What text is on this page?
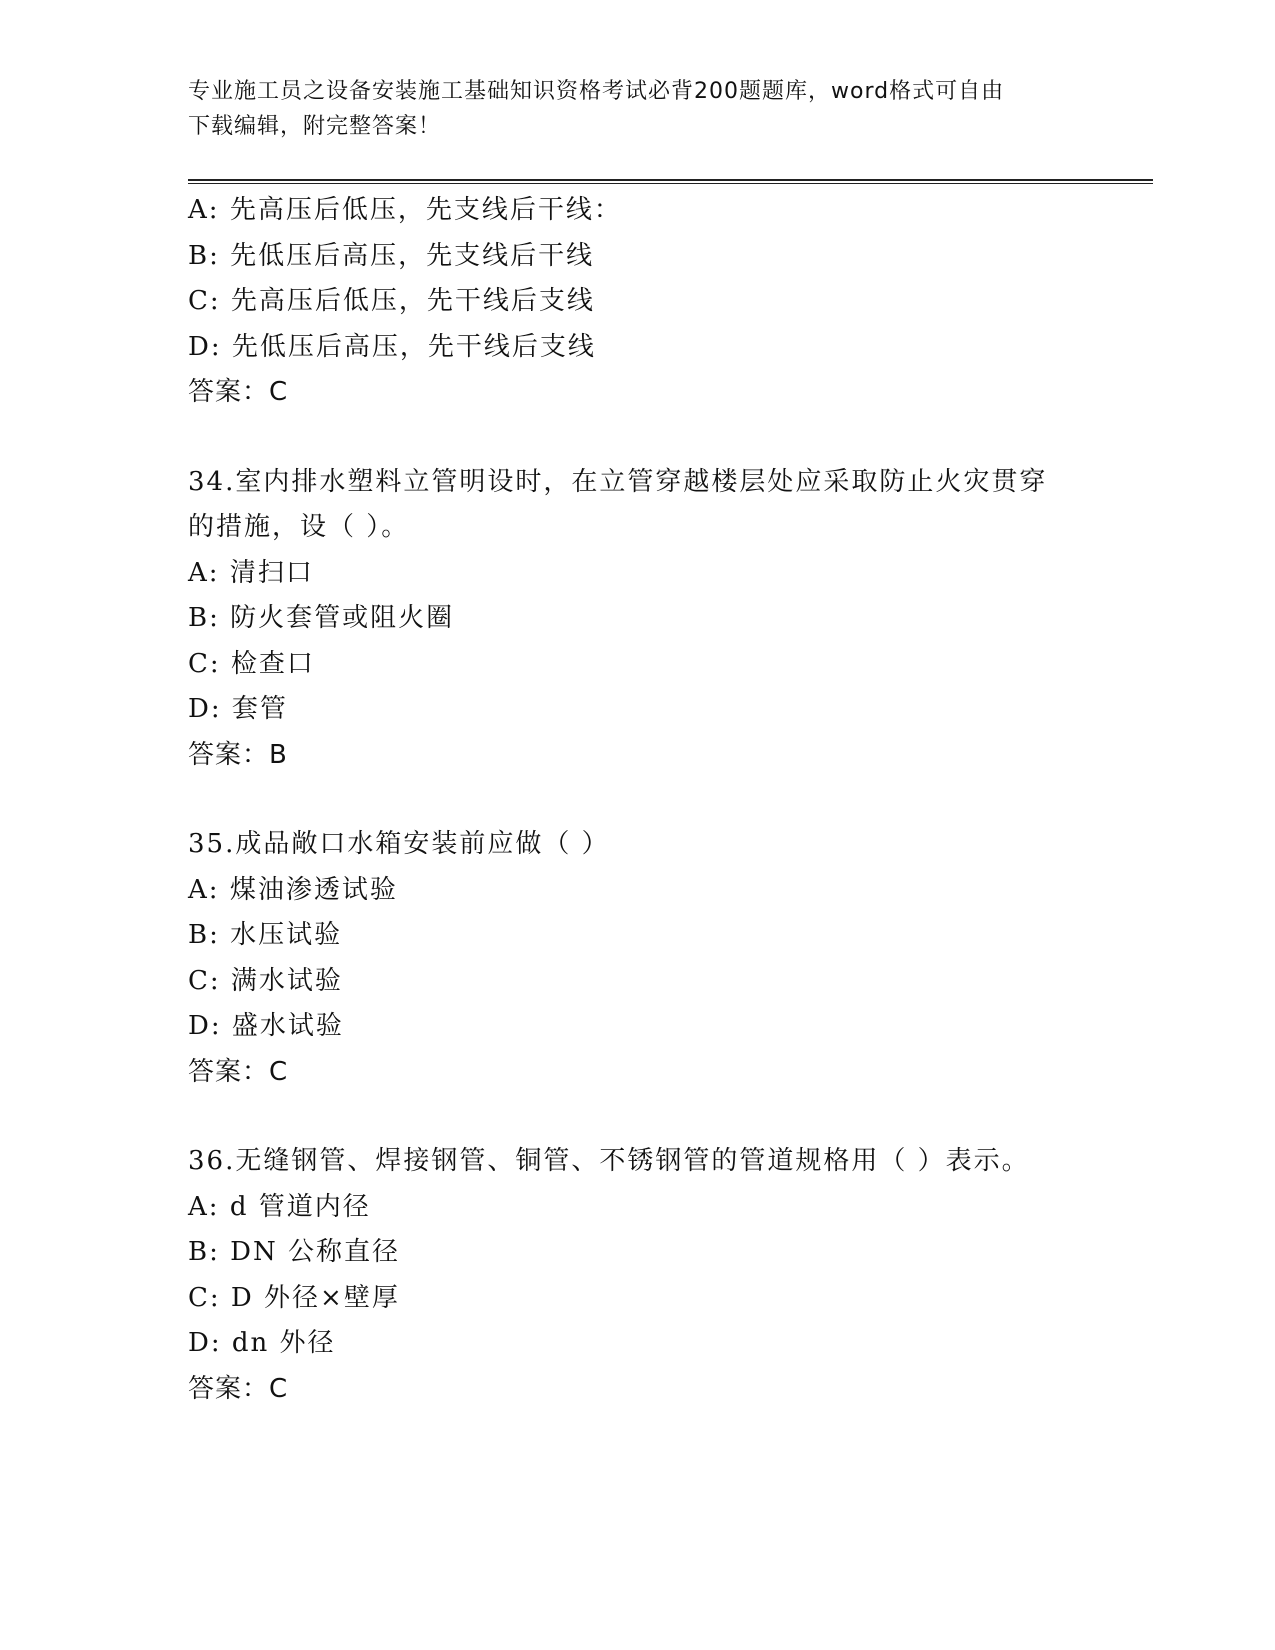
专业施工员之设备安装施工基础知识资格考试必背200题题库，word格式可自由
下载编辑，附完整答案！
A: 先高压后低压，先支线后干线：
B: 先低压后高压，先支线后干线
C: 先高压后低压，先干线后支线
D: 先低压后高压，先干线后支线
答案：C
34.室内排水塑料立管明设时，在立管穿越楼层处应采取防止火灾贯穿
的措施，设（ ）。
A: 清扫口
B: 防火套管或阻火圈
C: 检查口
D: 套管
答案：B
35.成品敞口水箱安装前应做（ ）
A: 煤油渗透试验
B: 水压试验
C: 满水试验
D: 盛水试验
答案：C
36.无缝钢管、焊接钢管、铜管、不锈钢管的管道规格用（ ）表示。
A: d 管道内径
B: DN 公称直径
C: D 外径×壁厚
D: dn 外径
答案：C
